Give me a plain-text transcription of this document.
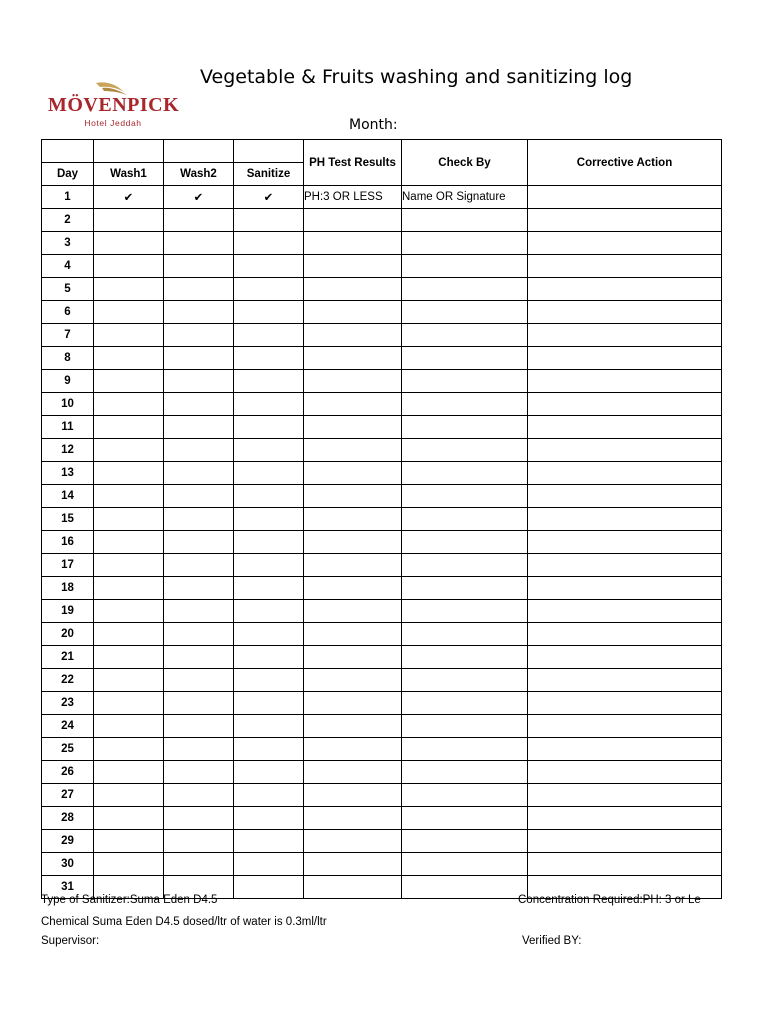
MÖVENPICK
Hotel Jeddah
Vegetable & Fruits washing and sanitizing log
Month:
				PH Test Results	Check By	Corrective Action
Day	Wash1	Wash2	Sanitize			
1	✔	✔	✔	PH:3 OR LESS	Name OR Signature	
2						
3						
4						
5						
6						
7						
8						
9						
10						
11						
12						
13						
14						
15						
16						
17						
18						
19						
20						
21						
22						
23						
24						
25						
26						
27						
28						
29						
30						
31						
Type of Sanitizer:Suma Eden D4.5	Concentration Required:PH: 3 or Le
Chemical Suma Eden D4.5 dosed/ltr of water is 0.3ml/ltr
Supervisor:	Verified BY:
